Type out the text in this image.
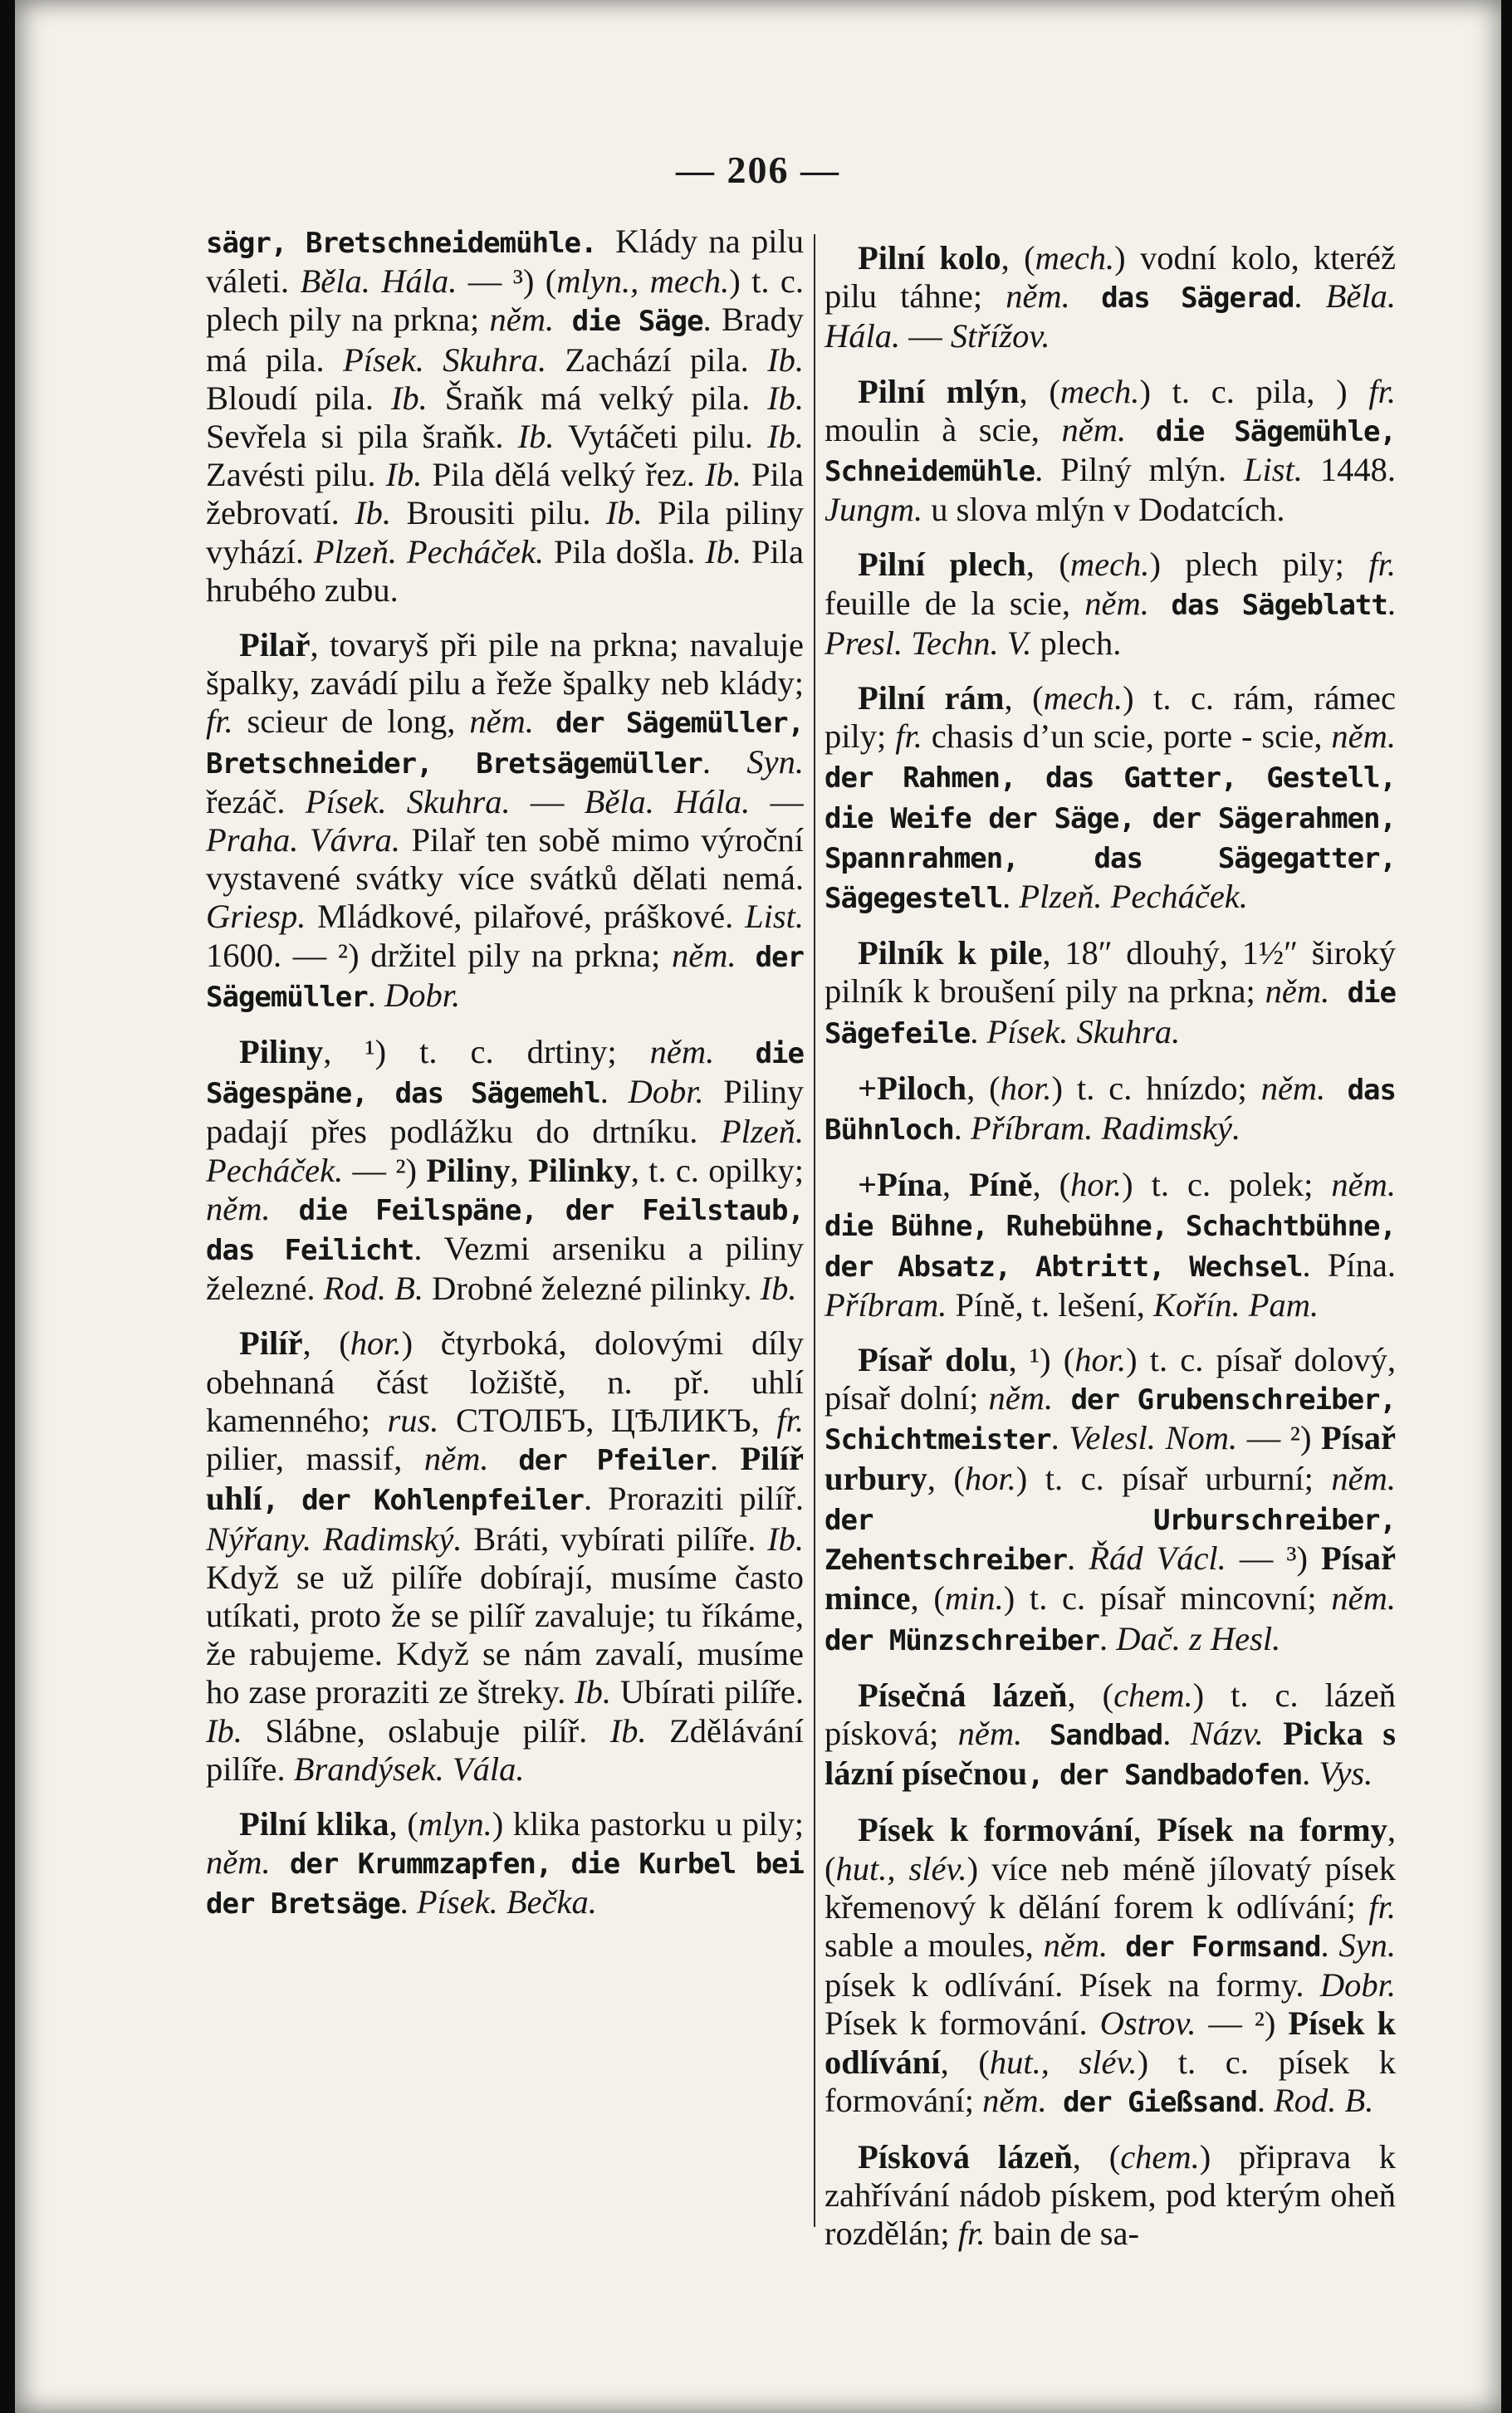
— 206 —

sägr, Bretschneidemühle. Klády na pilu váleti. Běla. Hála. — ³) (mlyn., mech.) t. c. plech pily na prkna; něm. die Säge. Brady má pila. Písek. Skuhra. Zachází pila. Ib. Bloudí pila. Ib. Šraňk má velký pila. Ib. Sevřela si pila šraňk. Ib. Vytáčeti pilu. Ib. Zavésti pilu. Ib. Pila dělá velký řez. Ib. Pila žebrovatí. Ib. Brousiti pilu. Ib. Pila piliny vyhází. Plzeň. Pecháček. Pila došla. Ib. Pila hrubého zubu.

Pilař, tovaryš při pile na prkna; navaluje špalky, zavádí pilu a řeže špalky neb klády; fr. scieur de long, něm. der Sägemüller, Bretschneider, Bretsägemüller. Syn. řezáč. Písek. Skuhra. — Běla. Hála. — Praha. Vávra. Pilař ten sobě mimo výroční vystavené svátky více svátků dělati nemá. Griesp. Mládkové, pilařové, práškové. List. 1600. — ²) držitel pily na prkna; něm. der Sägemüller. Dobr.

Piliny, ¹) t. c. drtiny; něm. die Sägespäne, das Sägemehl. Dobr. Piliny padají přes podlážku do drtníku. Plzeň. Pecháček. — ²) Piliny, Pilinky, t. c. opilky; něm. die Feilspäne, der Feilstaub, das Feilicht. Vezmi arseniku a piliny železné. Rod. B. Drobné železné pilinky. Ib.

Pilíř, (hor.) čtyrboká, dolovými díly obehnaná část ložiště, n. př. uhlí kamenného; rus. СТОЛБЪ, ЦѢЛИКЪ, fr. pilier, massif, něm. der Pfeiler. Pilíř uhlí, der Kohlenpfeiler. Proraziti pilíř. Nýřany. Radimský. Bráti, vybírati pilíře. Ib. Když se už pilíře dobírají, musíme často utíkati, proto že se pilíř zavaluje; tu říkáme, že rabujeme. Když se nám zavalí, musíme ho zase proraziti ze štreky. Ib. Ubírati pilíře. Ib. Slábne, oslabuje pilíř. Ib. Zdělávání pilíře. Brandýsek. Vála.

Pilní klika, (mlyn.) klika pastorku u pily; něm. der Krummzapfen, die Kurbel bei der Bretsäge. Písek. Bečka.

Pilní kolo, (mech.) vodní kolo, kteréž pilu táhne; něm. das Sägerad. Běla. Hála. — Střížov.

Pilní mlýn, (mech.) t. c. pila, ) fr. moulin à scie, něm. die Sägemühle, Schneidemühle. Pilný mlýn. List. 1448. Jungm. u slova mlýn v Dodatcích.

Pilní plech, (mech.) plech pily; fr. feuille de la scie, něm. das Sägeblatt. Presl. Techn. V. plech.

Pilní rám, (mech.) t. c. rám, rámec pily; fr. chasis d’un scie, porte - scie, něm. der Rahmen, das Gatter, Gestell, die Weife der Säge, der Sägerahmen, Spannrahmen, das Sägegatter, Sägegestell. Plzeň. Pecháček.

Pilník k pile, 18″ dlouhý, 1½″ široký pilník k broušení pily na prkna; něm. die Sägefeile. Písek. Skuhra.

+Piloch, (hor.) t. c. hnízdo; něm. das Bühnloch. Příbram. Radimský.

+Pína, Píně, (hor.) t. c. polek; něm. die Bühne, Ruhebühne, Schachtbühne, der Absatz, Abtritt, Wechsel. Pína. Příbram. Píně, t. lešení, Kořín. Pam.

Písař dolu, ¹) (hor.) t. c. písař dolový, písař dolní; něm. der Grubenschreiber, Schichtmeister. Velesl. Nom. — ²) Písař urbury, (hor.) t. c. písař urburní; něm. der Urburschreiber, Zehentschreiber. Řád Václ. — ³) Písař mince, (min.) t. c. písař mincovní; něm. der Münzschreiber. Dač. z Hesl.

Písečná lázeň, (chem.) t. c. lázeň písková; něm. Sandbad. Názv. Picka s lázní písečnou, der Sandbadofen. Vys.

Písek k formování, Písek na formy, (hut., slév.) více neb méně jílovatý písek křemenový k dělání forem k odlívání; fr. sable a moules, něm. der Formsand. Syn. písek k odlívání. Písek na formy. Dobr. Písek k formování. Ostrov. — ²) Písek k odlívání, (hut., slév.) t. c. písek k formování; něm. der Gießsand. Rod. B.

Písková lázeň, (chem.) připrava k zahřívání nádob pískem, pod kterým oheň rozdělán; fr. bain de sa-
